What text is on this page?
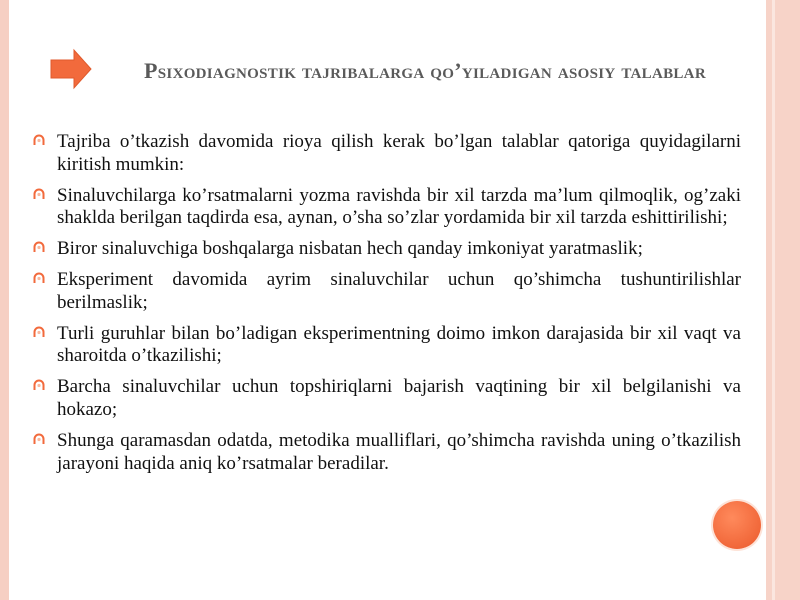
Psixodiagnostik tajribalarga qo’yiladigan asosiy talablar
Tajriba o’tkazish davomida rioya qilish kerak bo’lgan talablar qatoriga quyidagilarni kiritish mumkin:
Sinaluvchilarga ko’rsatmalarni yozma ravishda bir xil tarzda ma’lum qilmoqlik, og’zaki shaklda berilgan taqdirda esa, aynan, o’sha so’zlar yordamida bir xil tarzda eshittirilishi;
Biror sinaluvchiga boshqalarga nisbatan hech qanday imkoniyat yaratmaslik;
Eksperiment davomida ayrim sinaluvchilar uchun qo’shimcha tushuntirilishlar berilmaslik;
Turli guruhlar bilan bo’ladigan eksperimentning doimo imkon darajasida bir xil vaqt va sharoitda o’tkazilishi;
Barcha sinaluvchilar uchun topshiriqlarni bajarish vaqtining bir xil belgilanishi va hokazo;
Shunga qaramasdan odatda, metodika mualliflari, qo’shimcha ravishda uning o’tkazilish jarayoni haqida aniq ko’rsatmalar beradilar.
